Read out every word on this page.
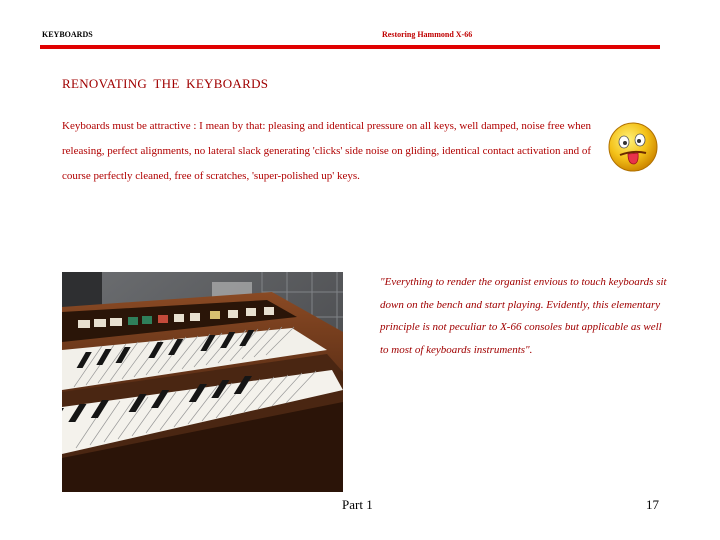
KEYBOARDS	Restoring Hammond X-66
RENOVATING THE KEYBOARDS
Keyboards must be attractive : I mean by that: pleasing and identical pressure on all keys, well damped, noise free when releasing, perfect alignments, no lateral slack generating 'clicks' side noise on gliding, identical contact activation and of course perfectly cleaned, free of scratches, 'super-polished up' keys.
"Everything to render the organist envious to touch keyboards sit down on the bench and start playing. Evidently, this elementary principle is not peculiar to X-66 consoles but applicable as well to most of keyboards instruments".
Part 1	17
